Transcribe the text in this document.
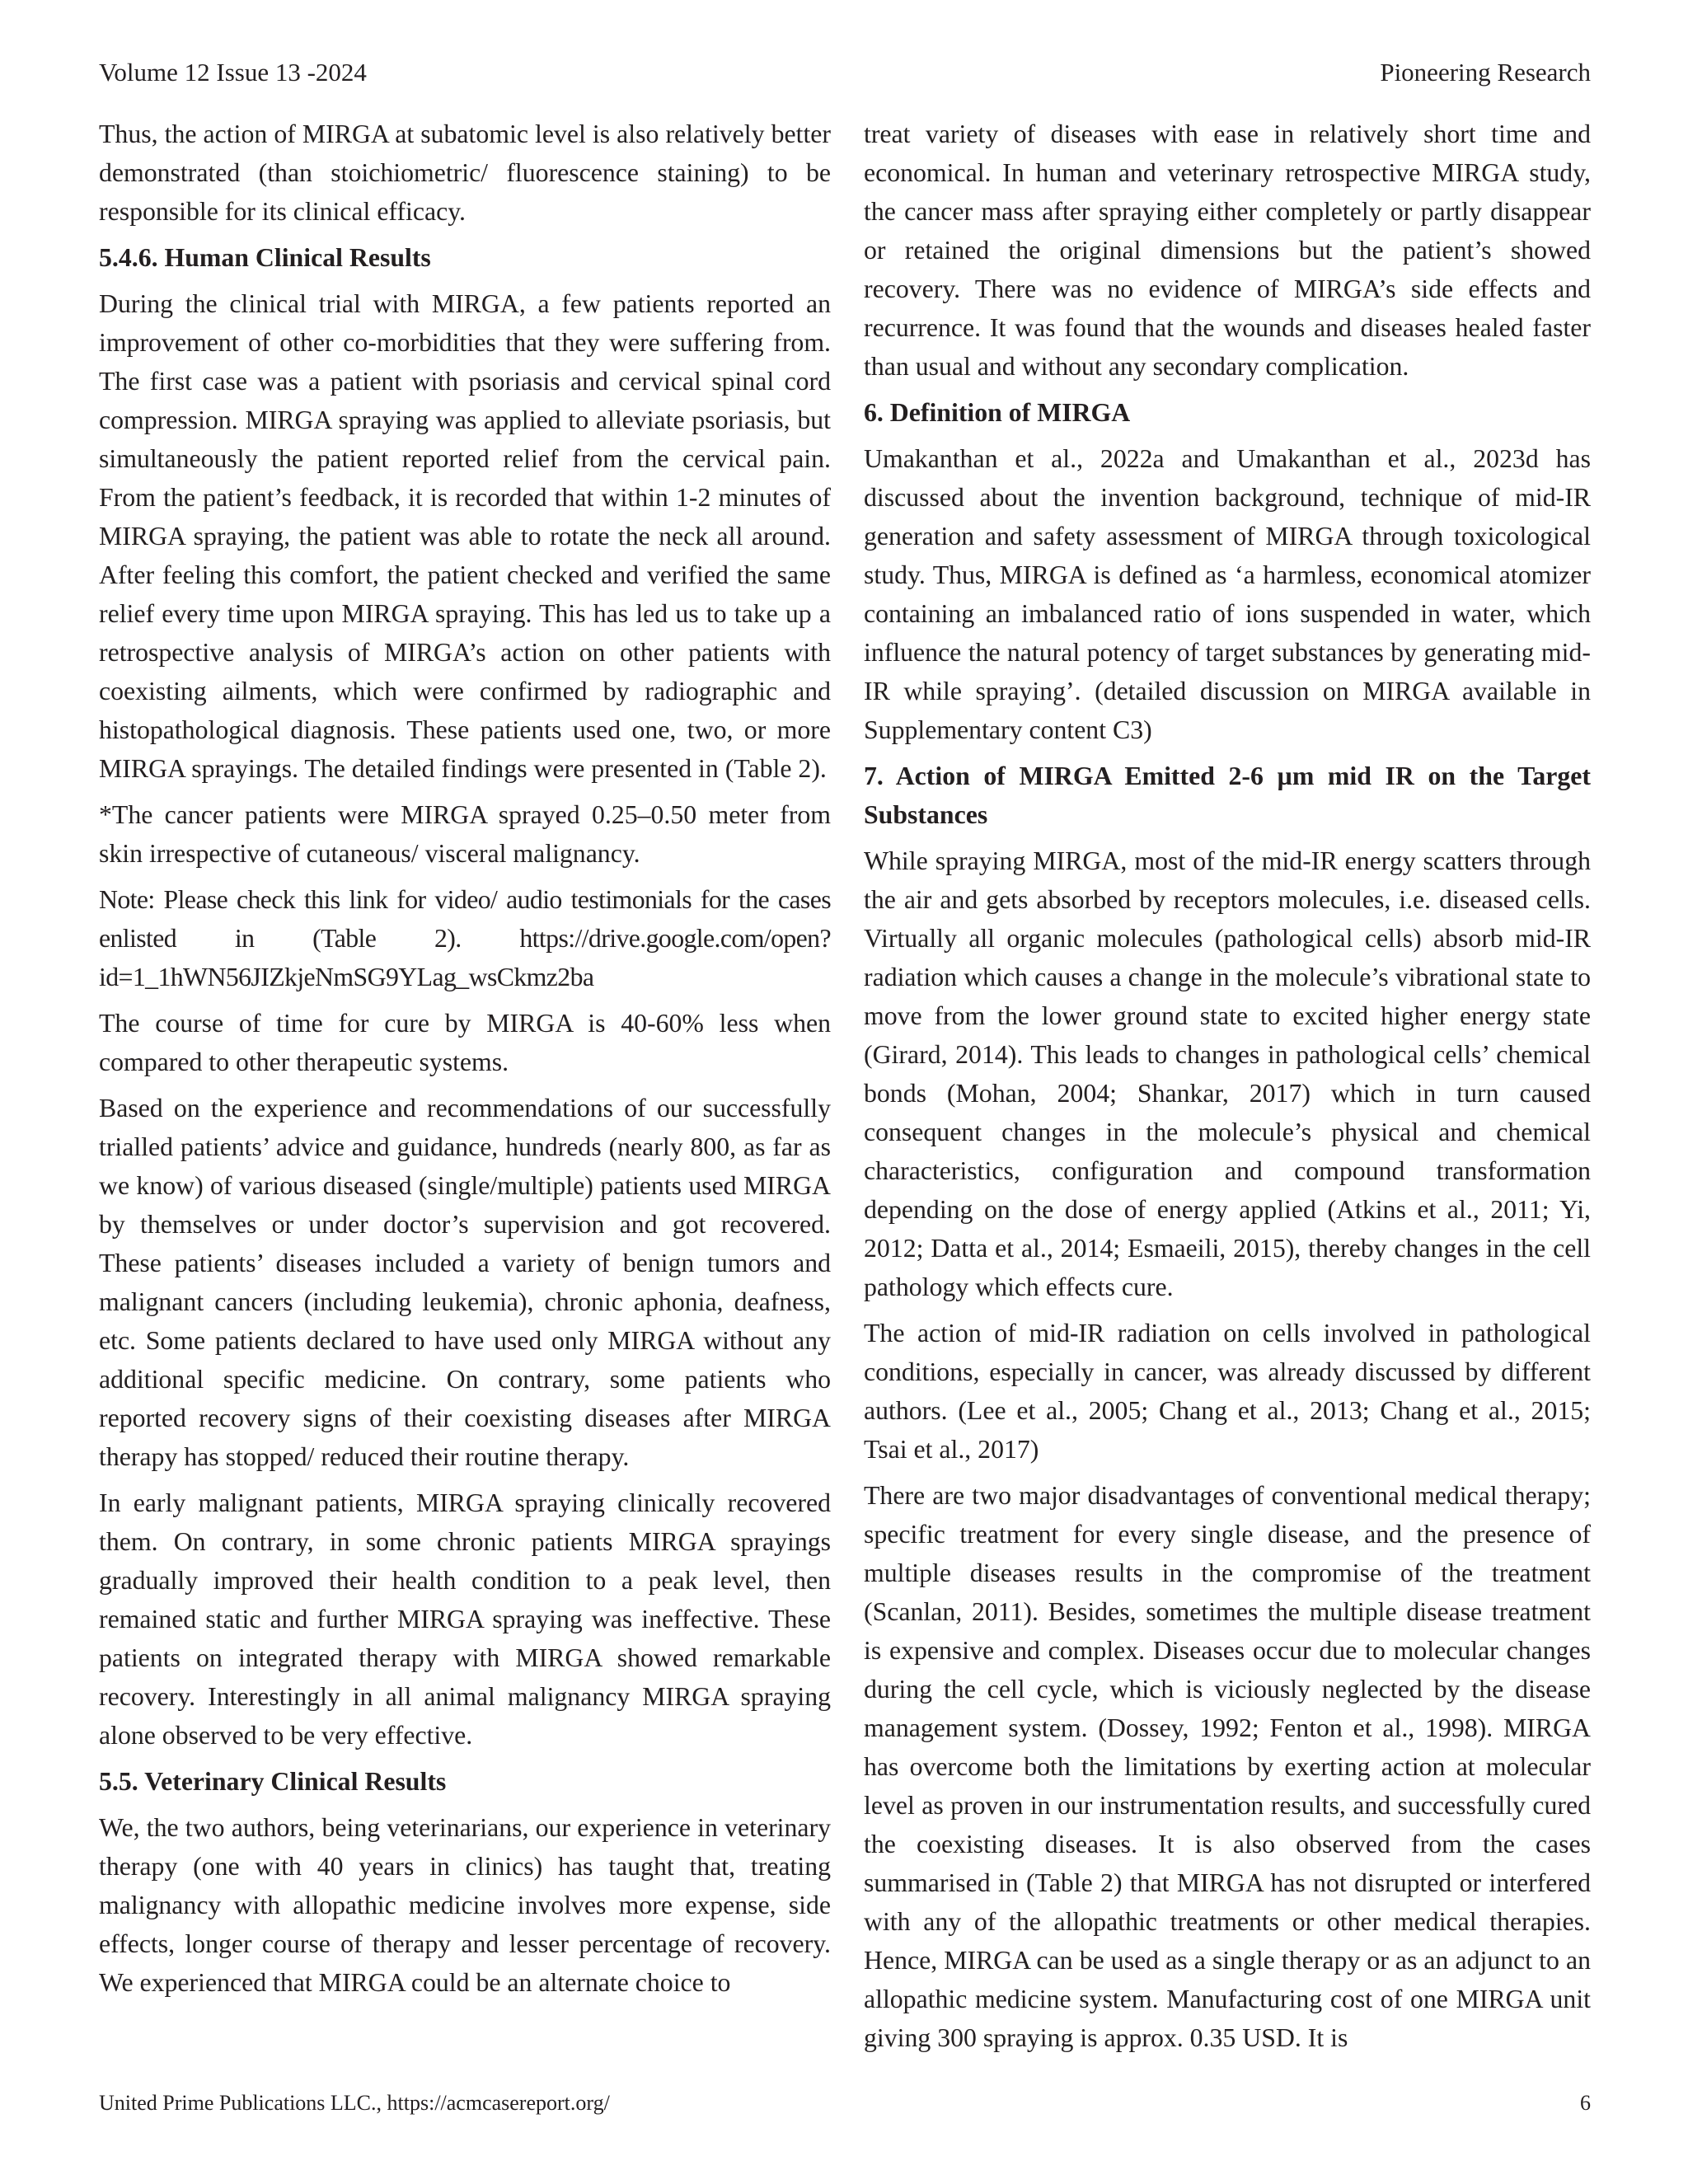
Volume 12 Issue 13 -2024	Pioneering Research

Thus, the action of MIRGA at subatomic level is also relatively better demonstrated (than stoichiometric/ fluorescence staining) to be responsible for its clinical efficacy.

5.4.6. Human Clinical Results

During the clinical trial with MIRGA, a few patients reported an improvement of other co-morbidities that they were suffering from. The first case was a patient with psoriasis and cervical spinal cord compression. MIRGA spraying was applied to alleviate psoriasis, but simultaneously the patient reported relief from the cervical pain. From the patient’s feedback, it is recorded that within 1-2 minutes of MIRGA spraying, the patient was able to rotate the neck all around. After feeling this comfort, the patient checked and verified the same relief every time upon MIRGA spraying. This has led us to take up a retrospective analysis of MIRGA’s action on other patients with coexisting ailments, which were confirmed by radiographic and histopathological diagnosis. These patients used one, two, or more MIRGA sprayings. The detailed findings were presented in (Table 2).

*The cancer patients were MIRGA sprayed 0.25–0.50 meter from skin irrespective of cutaneous/ visceral malignancy.

Note: Please check this link for video/ audio testimonials for the cases enlisted in (Table 2). https://drive.google.com/open?id=1_1hWN56JIZkjeNmSG9YLag_wsCkmz2ba

The course of time for cure by MIRGA is 40-60% less when compared to other therapeutic systems.

Based on the experience and recommendations of our successfully trialled patients’ advice and guidance, hundreds (nearly 800, as far as we know) of various diseased (single/multiple) patients used MIRGA by themselves or under doctor’s supervision and got recovered. These patients’ diseases included a variety of benign tumors and malignant cancers (including leukemia), chronic aphonia, deafness, etc. Some patients declared to have used only MIRGA without any additional specific medicine. On contrary, some patients who reported recovery signs of their coexisting diseases after MIRGA therapy has stopped/ reduced their routine therapy.

In early malignant patients, MIRGA spraying clinically recovered them. On contrary, in some chronic patients MIRGA sprayings gradually improved their health condition to a peak level, then remained static and further MIRGA spraying was ineffective. These patients on integrated therapy with MIRGA showed remarkable recovery. Interestingly in all animal malignancy MIRGA spraying alone observed to be very effective.

5.5. Veterinary Clinical Results

We, the two authors, being veterinarians, our experience in veterinary therapy (one with 40 years in clinics) has taught that, treating malignancy with allopathic medicine involves more expense, side effects, longer course of therapy and lesser percentage of recovery. We experienced that MIRGA could be an alternate choice to

treat variety of diseases with ease in relatively short time and economical. In human and veterinary retrospective MIRGA study, the cancer mass after spraying either completely or partly disappear or retained the original dimensions but the patient’s showed recovery. There was no evidence of MIRGA’s side effects and recurrence. It was found that the wounds and diseases healed faster than usual and without any secondary complication.

6. Definition of MIRGA

Umakanthan et al., 2022a and Umakanthan et al., 2023d has discussed about the invention background, technique of mid-IR generation and safety assessment of MIRGA through toxicological study. Thus, MIRGA is defined as ‘a harmless, economical atomizer containing an imbalanced ratio of ions suspended in water, which influence the natural potency of target substances by generating mid-IR while spraying’. (detailed discussion on MIRGA available in Supplementary content C3)

7. Action of MIRGA Emitted 2-6 µm mid IR on the Target Substances

While spraying MIRGA, most of the mid-IR energy scatters through the air and gets absorbed by receptors molecules, i.e. diseased cells. Virtually all organic molecules (pathological cells) absorb mid-IR radiation which causes a change in the molecule’s vibrational state to move from the lower ground state to excited higher energy state (Girard, 2014). This leads to changes in pathological cells’ chemical bonds (Mohan, 2004; Shankar, 2017) which in turn caused consequent changes in the molecule’s physical and chemical characteristics, configuration and compound transformation depending on the dose of energy applied (Atkins et al., 2011; Yi, 2012; Datta et al., 2014; Esmaeili, 2015), thereby changes in the cell pathology which effects cure.

The action of mid-IR radiation on cells involved in pathological conditions, especially in cancer, was already discussed by different authors. (Lee et al., 2005; Chang et al., 2013; Chang et al., 2015; Tsai et al., 2017)

There are two major disadvantages of conventional medical therapy; specific treatment for every single disease, and the presence of multiple diseases results in the compromise of the treatment (Scanlan, 2011). Besides, sometimes the multiple disease treatment is expensive and complex. Diseases occur due to molecular changes during the cell cycle, which is viciously neglected by the disease management system. (Dossey, 1992; Fenton et al., 1998). MIRGA has overcome both the limitations by exerting action at molecular level as proven in our instrumentation results, and successfully cured the coexisting diseases. It is also observed from the cases summarised in (Table 2) that MIRGA has not disrupted or interfered with any of the allopathic treatments or other medical therapies. Hence, MIRGA can be used as a single therapy or as an adjunct to an allopathic medicine system. Manufacturing cost of one MIRGA unit giving 300 spraying is approx. 0.35 USD. It is

United Prime Publications LLC., https://acmcasereport.org/	6
